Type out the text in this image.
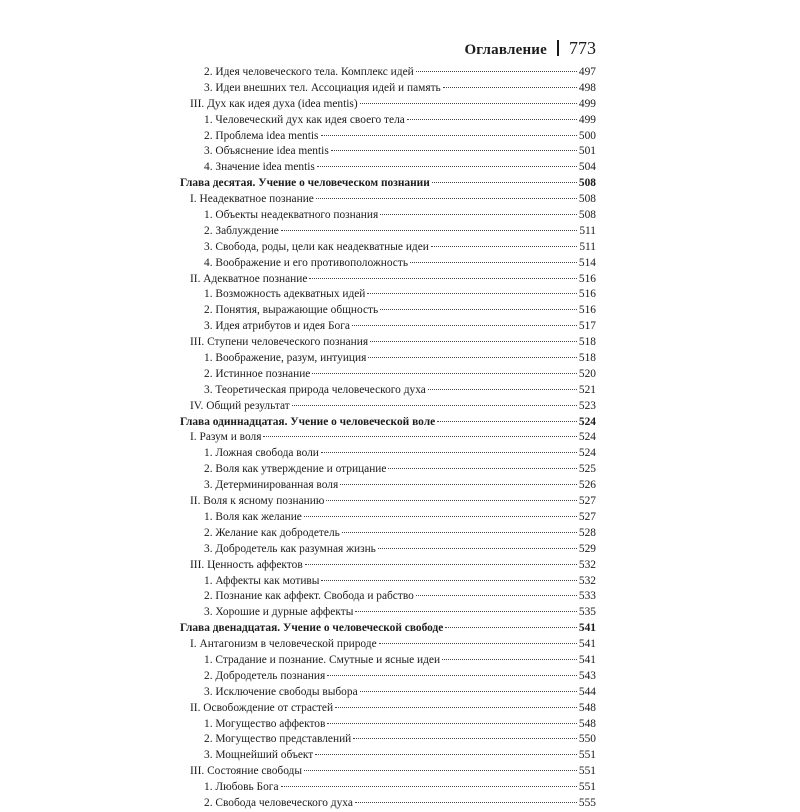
Оглавление 773
2. Идея человеческого тела. Комплекс идей	497
3. Идеи внешних тел. Ассоциация идей и память	498
III. Дух как идея духа (idea mentis)	499
1. Человеческий дух как идея своего тела	499
2. Проблема idea mentis	500
3. Объяснение idea mentis	501
4. Значение idea mentis	504
Глава десятая. Учение о человеческом познании	508
I. Неадекватное познание	508
1. Объекты неадекватного познания	508
2. Заблуждение	511
3. Свобода, роды, цели как неадекватные идеи	511
4. Воображение и его противоположность	514
II. Адекватное познание	516
1. Возможность адекватных идей	516
2. Понятия, выражающие общность	516
3. Идея атрибутов и идея Бога	517
III. Ступени человеческого познания	518
1. Воображение, разум, интуиция	518
2. Истинное познание	520
3. Теоретическая природа человеческого духа	521
IV. Общий результат	523
Глава одиннадцатая. Учение о человеческой воле	524
I. Разум и воля	524
1. Ложная свобода воли	524
2. Воля как утверждение и отрицание	525
3. Детерминированная воля	526
II. Воля к ясному познанию	527
1. Воля как желание	527
2. Желание как добродетель	528
3. Добродетель как разумная жизнь	529
III. Ценность аффектов	532
1. Аффекты как мотивы	532
2. Познание как аффект. Свобода и рабство	533
3. Хорошие и дурные аффекты	535
Глава двенадцатая. Учение о человеческой свободе	541
I. Антагонизм в человеческой природе	541
1. Страдание и познание. Смутные и ясные идеи	541
2. Добродетель познания	543
3. Исключение свободы выбора	544
II. Освобождение от страстей	548
1. Могущество аффектов	548
2. Могущество представлений	550
3. Мощнейший объект	551
III. Состояние свободы	551
1. Любовь Бога	551
2. Свобода человеческого духа	555
